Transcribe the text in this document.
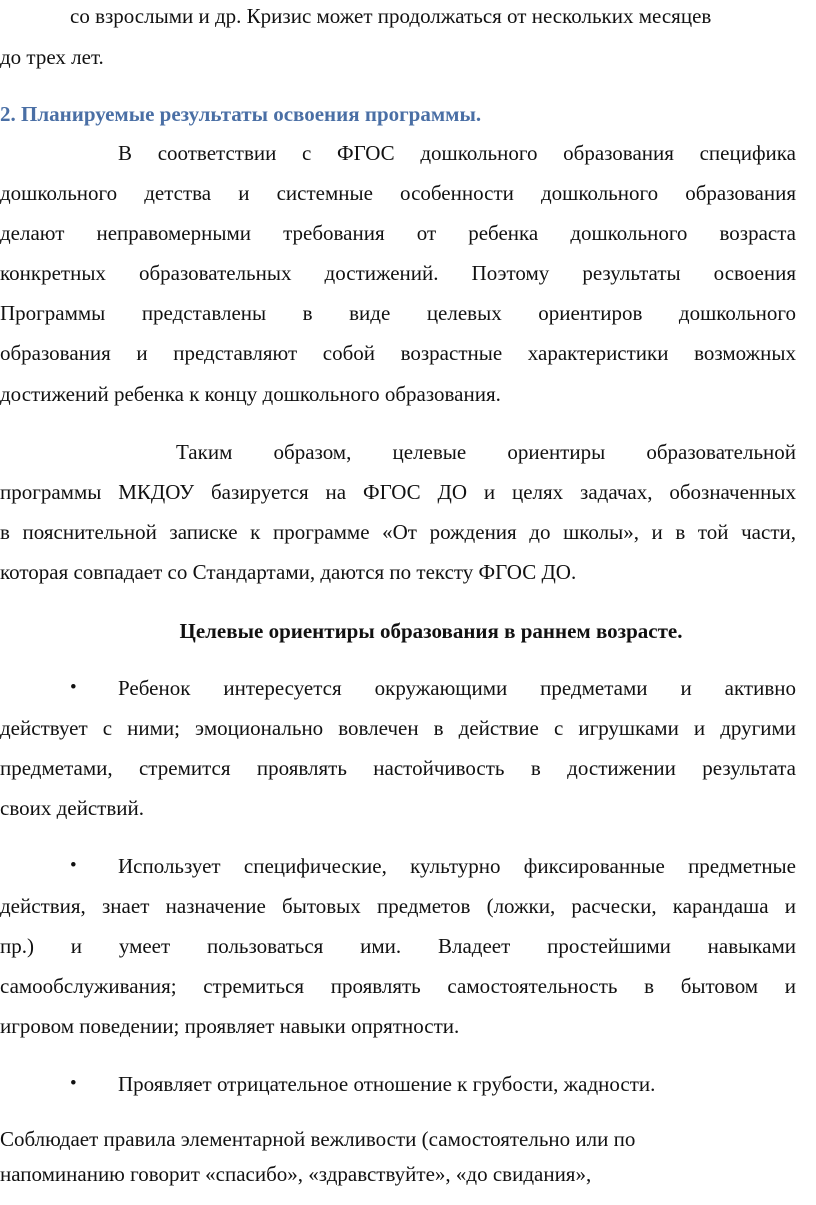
со взрослыми и др. Кризис может продолжаться от нескольких месяцев
до трех лет.
2. Планируемые результаты освоения программы.
В соответствии с ФГОС дошкольного образования специфика
дошкольного детства и системные особенности дошкольного образования
делают неправомерными требования от ребенка дошкольного возраста
конкретных образовательных достижений. Поэтому результаты освоения
Программы представлены в виде целевых ориентиров дошкольного
образования и представляют собой возрастные характеристики возможных
достижений ребенка к концу дошкольного образования.
Таким образом, целевые ориентиры образовательной
программы МКДОУ базируется на ФГОС ДО и целях задачах, обозначенных
в пояснительной записке к программе «От рождения до школы», и в той части,
которая совпадает со Стандартами, даются по тексту ФГОС ДО.
Целевые ориентиры образования в раннем возрасте.
• Ребенок интересуется окружающими предметами и активно
действует с ними; эмоционально вовлечен в действие с игрушками и другими
предметами, стремится проявлять настойчивость в достижении результата
своих действий.
• Использует специфические, культурно фиксированные предметные
действия, знает назначение бытовых предметов (ложки, расчески, карандаша и
пр.) и умеет пользоваться ими. Владеет простейшими навыками
самообслуживания; стремиться проявлять самостоятельность в бытовом и
игровом поведении; проявляет навыки опрятности.
• Проявляет отрицательное отношение к грубости, жадности.
Соблюдает правила элементарной вежливости (самостоятельно или по
напоминанию говорит «спасибо», «здравствуйте», «до свидания»,
